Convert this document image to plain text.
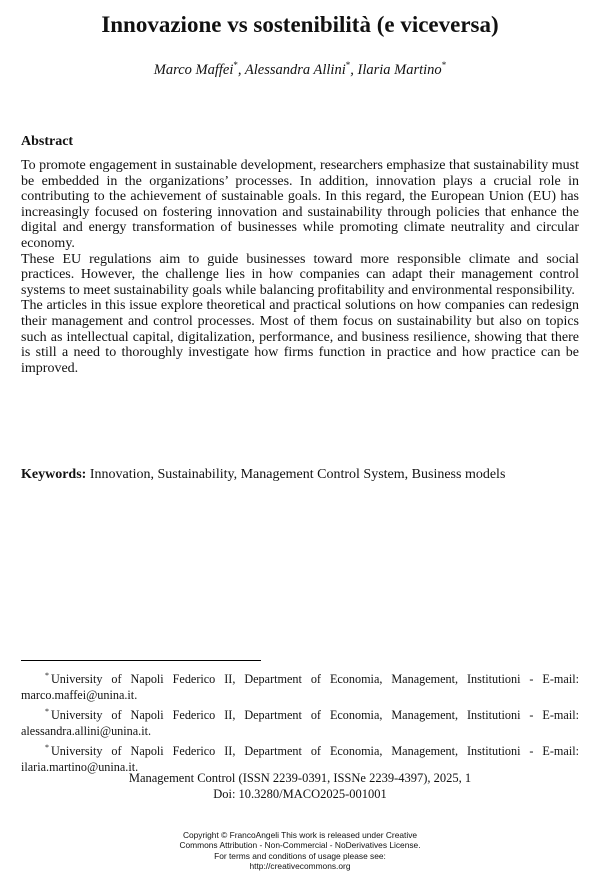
Innovazione vs sostenibilità (e viceversa)
Marco Maffei*, Alessandra Allini*, Ilaria Martino*
Abstract

To promote engagement in sustainable development, researchers emphasize that sustainability must be embedded in the organizations’ processes. In addition, innovation plays a crucial role in contributing to the achievement of sustainable goals. In this regard, the European Union (EU) has increasingly focused on fostering innovation and sustainability through policies that enhance the digital and energy transformation of businesses while promoting climate neutrality and circular economy.

These EU regulations aim to guide businesses toward more responsible climate and social practices. However, the challenge lies in how companies can adapt their management control systems to meet sustainability goals while balancing profitability and environmental responsibility.

The articles in this issue explore theoretical and practical solutions on how companies can redesign their management and control processes. Most of them focus on sustainability but also on topics such as intellectual capital, digitalization, performance, and business resilience, showing that there is still a need to thoroughly investigate how firms function in practice and how practice can be improved.

Keywords: Innovation, Sustainability, Management Control System, Business models

* University of Napoli Federico II, Department of Economia, Management, Institutioni - E-mail: marco.maffei@unina.it.

* University of Napoli Federico II, Department of Economia, Management, Institutioni - E-mail: alessandra.allini@unina.it.

* University of Napoli Federico II, Department of Economia, Management, Institutioni - E-mail: ilaria.martino@unina.it.

Management Control (ISSN 2239-0391, ISSNe 2239-4397), 2025, 1
Doi: 10.3280/MACO2025-001001
Copyright © FrancoAngeli This work is released under Creative
Commons Attribution - Non-Commercial - NoDerivatives License.
For terms and conditions of usage please see:
http://creativecommons.org
